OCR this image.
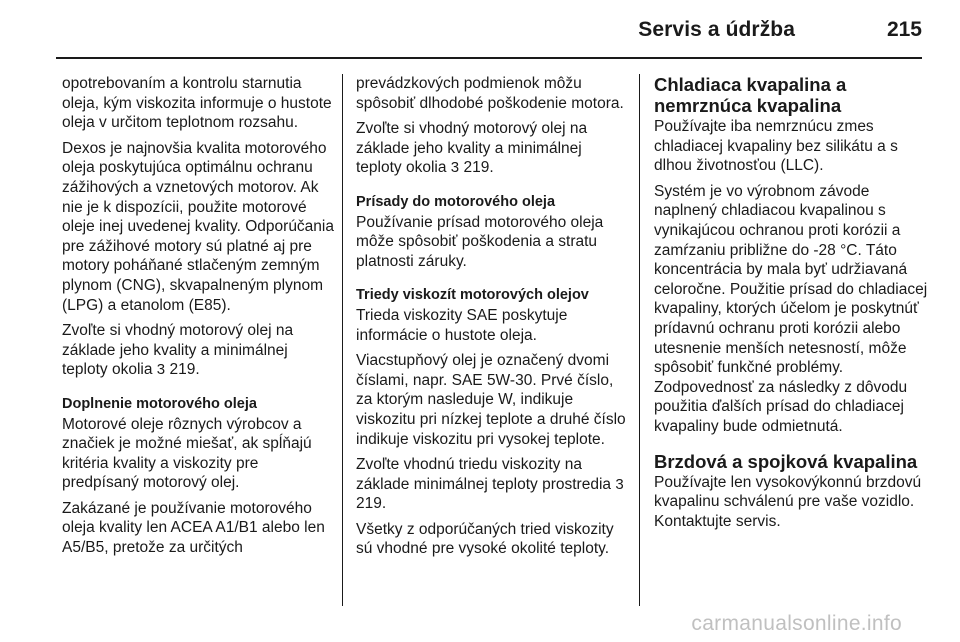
Servis a údržba	215

opotrebovaním a kontrolu starnutia oleja, kým viskozita informuje o hustote oleja v určitom teplotnom rozsahu.

Dexos je najnovšia kvalita motorového oleja poskytujúca optimálnu ochranu zážihových a vznetových motorov. Ak nie je k dispozícii, použite motorové oleje inej uvedenej kvality. Odporúčania pre zážihové motory sú platné aj pre motory poháňané stlačeným zemným plynom (CNG), skvapalneným plynom (LPG) a etanolom (E85).

Zvoľte si vhodný motorový olej na základe jeho kvality a minimálnej teploty okolia 3 219.

Doplnenie motorového oleja

Motorové oleje rôznych výrobcov a značiek je možné miešať, ak spĺňajú kritéria kvality a viskozity pre predpísaný motorový olej.

Zakázané je používanie motorového oleja kvality len ACEA A1/B1 alebo len A5/B5, pretože za určitých

prevádzkových podmienok môžu spôsobiť dlhodobé poškodenie motora.

Zvoľte si vhodný motorový olej na základe jeho kvality a minimálnej teploty okolia 3 219.

Prísady do motorového oleja

Používanie prísad motorového oleja môže spôsobiť poškodenia a stratu platnosti záruky.

Triedy viskozít motorových olejov

Trieda viskozity SAE poskytuje informácie o hustote oleja.

Viacstupňový olej je označený dvomi číslami, napr. SAE 5W-30. Prvé číslo, za ktorým nasleduje W, indikuje viskozitu pri nízkej teplote a druhé číslo indikuje viskozitu pri vysokej teplote.

Zvoľte vhodnú triedu viskozity na základe minimálnej teploty prostredia 3 219.

Všetky z odporúčaných tried viskozity sú vhodné pre vysoké okolité teploty.

Chladiaca kvapalina a nemrznúca kvapalina

Používajte iba nemrznúcu zmes chladiacej kvapaliny bez silikátu a s dlhou životnosťou (LLC).

Systém je vo výrobnom závode naplnený chladiacou kvapalinou s vynikajúcou ochranou proti korózii a zamŕzaniu približne do -28 °C. Táto koncentrácia by mala byť udržiavaná celoročne. Použitie prísad do chladiacej kvapaliny, ktorých účelom je poskytnúť prídavnú ochranu proti korózii alebo utesnenie menších netesností, môže spôsobiť funkčné problémy. Zodpovednosť za následky z dôvodu použitia ďalších prísad do chladiacej kvapaliny bude odmietnutá.

Brzdová a spojková kvapalina

Používajte len vysokovýkonnú brzdovú kvapalinu schválenú pre vaše vozidlo. Kontaktujte servis.

carmanualsonline.info
